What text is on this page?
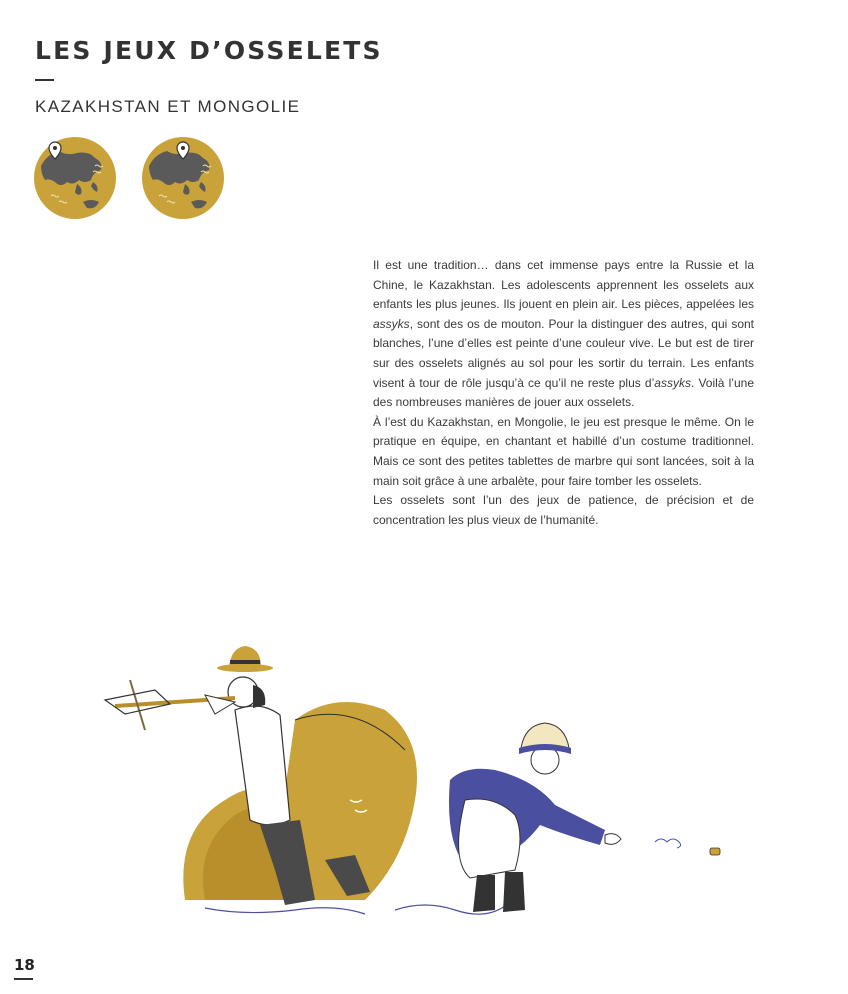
LES JEUX D’OSSELETS
KAZAKHSTAN ET MONGOLIE

Il est une tradition… dans cet immense pays entre la Russie et la Chine, le Kazakhstan. Les adolescents apprennent les osselets aux enfants les plus jeunes. Ils jouent en plein air. Les pièces, appelées les assyks, sont des os de mouton. Pour la distinguer des autres, qui sont blanches, l’une d’elles est peinte d’une couleur vive. Le but est de tirer sur des osselets alignés au sol pour les sortir du terrain. Les enfants visent à tour de rôle jusqu’à ce qu’il ne reste plus d’assyks. Voilà l’une des nombreuses manières de jouer aux osselets.

À l’est du Kazakhstan, en Mongolie, le jeu est presque le même. On le pratique en équipe, en chantant et habillé d’un costume traditionnel. Mais ce sont des petites tablettes de marbre qui sont lancées, soit à la main soit grâce à une arbalète, pour faire tomber les osselets.

Les osselets sont l’un des jeux de patience, de précision et de concentration les plus vieux de l’humanité.

18
